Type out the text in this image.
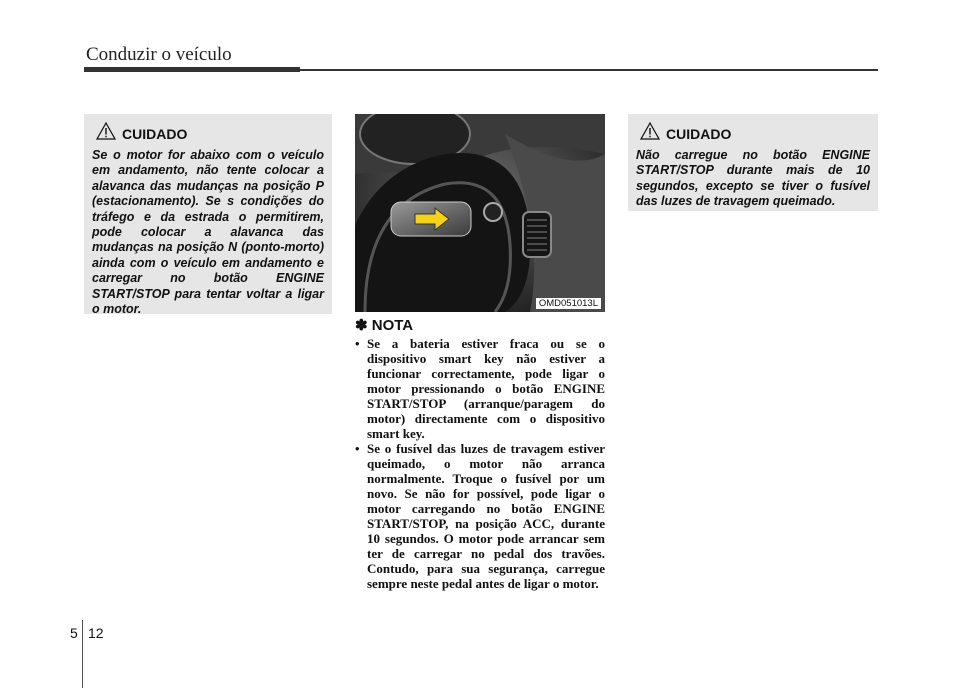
Conduzir o veículo
CUIDADO
Se o motor for abaixo com o veículo em andamento, não tente colocar a alavanca das mudanças na posição P (estacionamento). Se s condições do tráfego e da estrada o permitirem, pode colocar a alavanca das mudanças na posição N (ponto-morto) ainda com o veículo em andamento e carregar no botão ENGINE START/STOP para tentar voltar a ligar o motor.	OMD051013L
✽ NOTA
• Se a bateria estiver fraca ou se o dispositivo smart key não estiver a funcionar correctamente, pode ligar o motor pressionando o botão ENGINE START/STOP (arranque/paragem do motor) directamente com o dispositivo smart key.
• Se o fusível das luzes de travagem estiver queimado, o motor não arranca normalmente. Troque o fusível por um novo. Se não for possível, pode ligar o motor carregando no botão ENGINE START/STOP, na posição ACC, durante 10 segundos. O motor pode arrancar sem ter de carregar no pedal dos travões. Contudo, para sua segurança, carregue sempre neste pedal antes de ligar o motor.
CUIDADO
Não carregue no botão ENGINE START/STOP durante mais de 10 segundos, excepto se tiver o fusível das luzes de travagem queimado.
5 12
